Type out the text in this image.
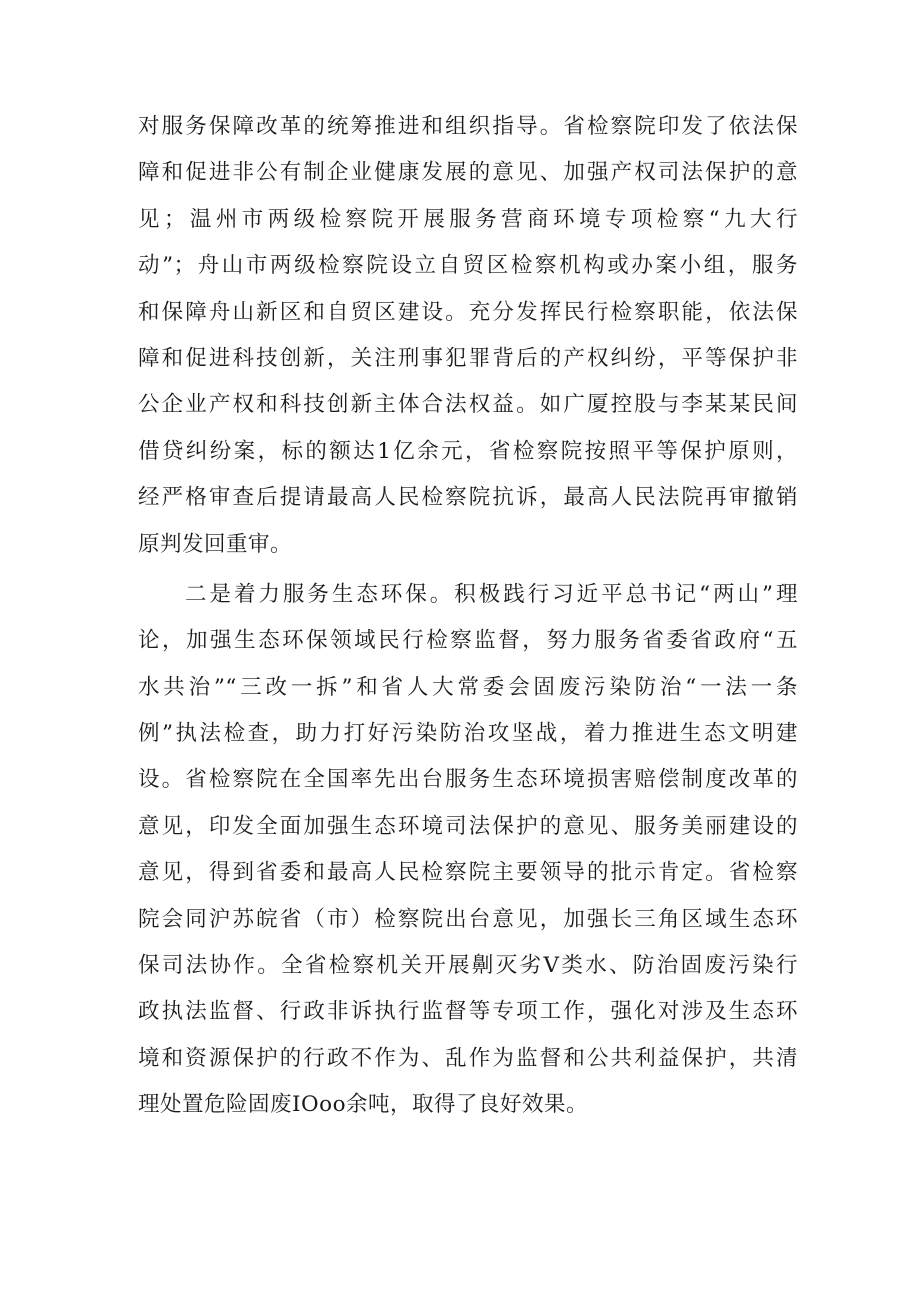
对服务保障改革的统筹推进和组织指导。省检察院印发了依法保
障和促进非公有制企业健康发展的意见、加强产权司法保护的意
见；温州市两级检察院开展服务营商环境专项检察“九大行
动”；舟山市两级检察院设立自贸区检察机构或办案小组，服务
和保障舟山新区和自贸区建设。充分发挥民行检察职能，依法保
障和促进科技创新，关注刑事犯罪背后的产权纠纷，平等保护非
公企业产权和科技创新主体合法权益。如广厦控股与李某某民间
借贷纠纷案，标的额达1亿余元，省检察院按照平等保护原则，
经严格审查后提请最高人民检察院抗诉，最高人民法院再审撤销
原判发回重审。
二是着力服务生态环保。积极践行习近平总书记“两山”理
论，加强生态环保领域民行检察监督，努力服务省委省政府“五
水共治”“三改一拆”和省人大常委会固废污染防治“一法一条
例”执法检查，助力打好污染防治攻坚战，着力推进生态文明建
设。省检察院在全国率先出台服务生态环境损害赔偿制度改革的
意见，印发全面加强生态环境司法保护的意见、服务美丽建设的
意见，得到省委和最高人民检察院主要领导的批示肯定。省检察
院会同沪苏皖省（市）检察院出台意见，加强长三角区域生态环
保司法协作。全省检察机关开展劓灭劣Ⅴ类水、防治固废污染行
政执法监督、行政非诉执行监督等专项工作，强化对涉及生态环
境和资源保护的行政不作为、乱作为监督和公共利益保护，共清
理处置危险固废IOoo余吨，取得了良好效果。
